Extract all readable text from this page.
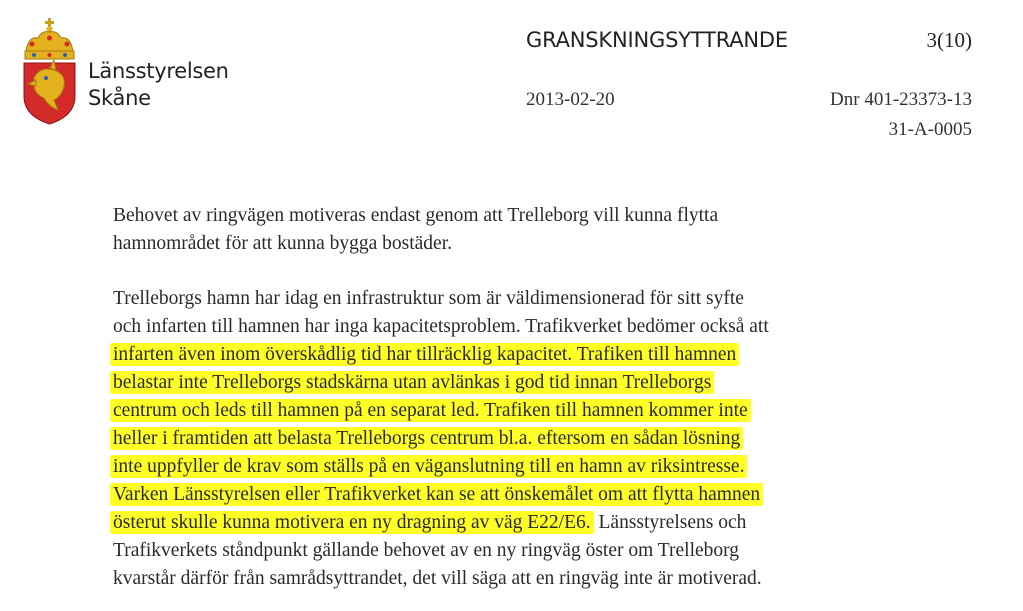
Länsstyrelsen
Skåne
GRANSKNINGSYTTRANDE	3(10)
2013-02-20	Dnr 401-23373-13
31-A-0005
Behovet av ringvägen motiveras endast genom att Trelleborg vill kunna flytta
hamnområdet för att kunna bygga bostäder.
Trelleborgs hamn har idag en infrastruktur som är väldimensionerad för sitt syfte
och infarten till hamnen har inga kapacitetsproblem. Trafikverket bedömer också att
infarten även inom överskådlig tid har tillräcklig kapacitet. Trafiken till hamnen
belastar inte Trelleborgs stadskärna utan avlänkas i god tid innan Trelleborgs
centrum och leds till hamnen på en separat led. Trafiken till hamnen kommer inte
heller i framtiden att belasta Trelleborgs centrum bl.a. eftersom en sådan lösning
inte uppfyller de krav som ställs på en väganslutning till en hamn av riksintresse.
Varken Länsstyrelsen eller Trafikverket kan se att önskemålet om att flytta hamnen
österut skulle kunna motivera en ny dragning av väg E22/E6. Länsstyrelsens och
Trafikverkets ståndpunkt gällande behovet av en ny ringväg öster om Trelleborg
kvarstår därför från samrådsyttrandet, det vill säga att en ringväg inte är motiverad.
